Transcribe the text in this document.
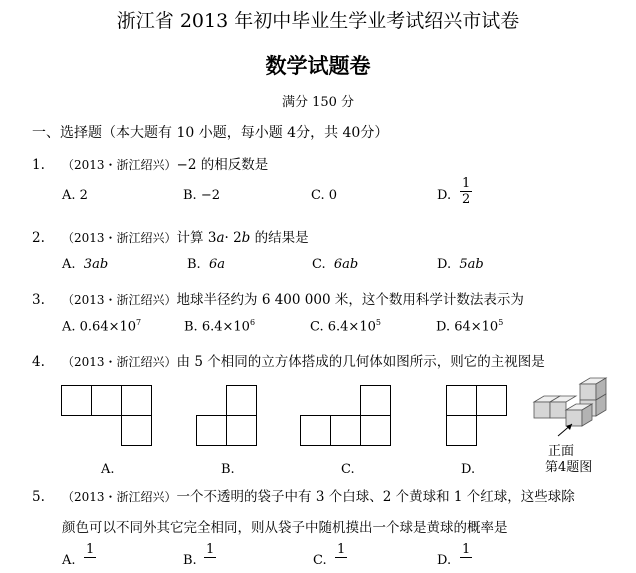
浙江省 2013 年初中毕业生学业考试绍兴市试卷
数学试题卷
满分 150 分
一、选择题（本大题有 10 小题，每小题 4分，共 40分）
1. （2013・浙江绍兴）−2 的相反数是
A. 2	B. −2	C. 0	D. $\frac{1}{2}$
2. （2013・浙江绍兴）计算 3a· 2b 的结果是
A. 3ab	B. 6a	C. 6ab	D. 5ab
3. （2013・浙江绍兴）地球半径约为 6 400 000 米，这个数用科学计数法表示为
A. $0.64\times 10^7$	B. $6.4\times 10^6$	C. $6.4\times 10^5$	D. $64\times 10^5$
4. （2013・浙江绍兴）由 5 个相同的立方体搭成的几何体如图所示，则它的主视图是
A.	B.	C.	D.
正面
第4题图
5. （2013・浙江绍兴）一个不透明的袋子中有 3 个白球、2 个黄球和 1 个红球，这些球除
颜色可以不同外其它完全相同，则从袋子中随机摸出一个球是黄球的概率是
A.
1

B.
1

C.
1

D.
1
